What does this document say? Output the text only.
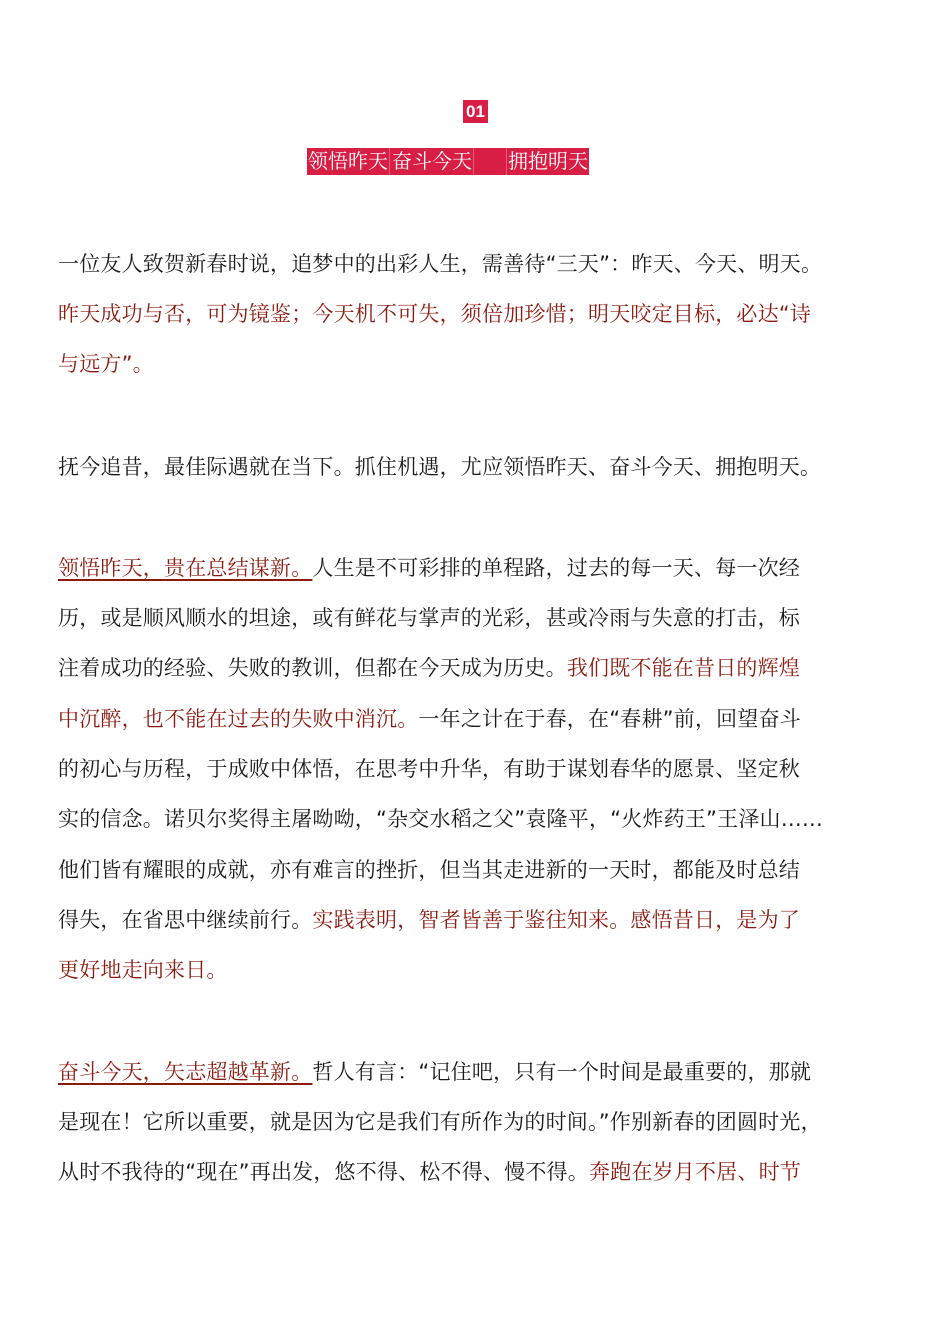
01
领悟昨天 奋斗今天 拥抱明天
一位友人致贺新春时说，追梦中的出彩人生，需善待“三天”：昨天、今天、明天。
昨天成功与否，可为镜鉴；今天机不可失，须倍加珍惜；明天咬定目标，必达“诗
与远方”。
抚今追昔，最佳际遇就在当下。抓住机遇，尤应领悟昨天、奋斗今天、拥抱明天。
领悟昨天，贵在总结谋新。人生是不可彩排的单程路，过去的每一天、每一次经
历，或是顺风顺水的坦途，或有鲜花与掌声的光彩，甚或冷雨与失意的打击，标
注着成功的经验、失败的教训，但都在今天成为历史。我们既不能在昔日的辉煌
中沉醉，也不能在过去的失败中消沉。一年之计在于春，在“春耕”前，回望奋斗
的初心与历程，于成败中体悟，在思考中升华，有助于谋划春华的愿景、坚定秋
实的信念。诺贝尔奖得主屠呦呦，“杂交水稻之父”袁隆平，“火炸药王”王泽山……
他们皆有耀眼的成就，亦有难言的挫折，但当其走进新的一天时，都能及时总结
得失，在省思中继续前行。实践表明，智者皆善于鉴往知来。感悟昔日，是为了
更好地走向来日。
奋斗今天，矢志超越革新。哲人有言：“记住吧，只有一个时间是最重要的，那就
是现在！它所以重要，就是因为它是我们有所作为的时间。”作别新春的团圆时光，
从时不我待的“现在”再出发，悠不得、松不得、慢不得。奔跑在岁月不居、时节
